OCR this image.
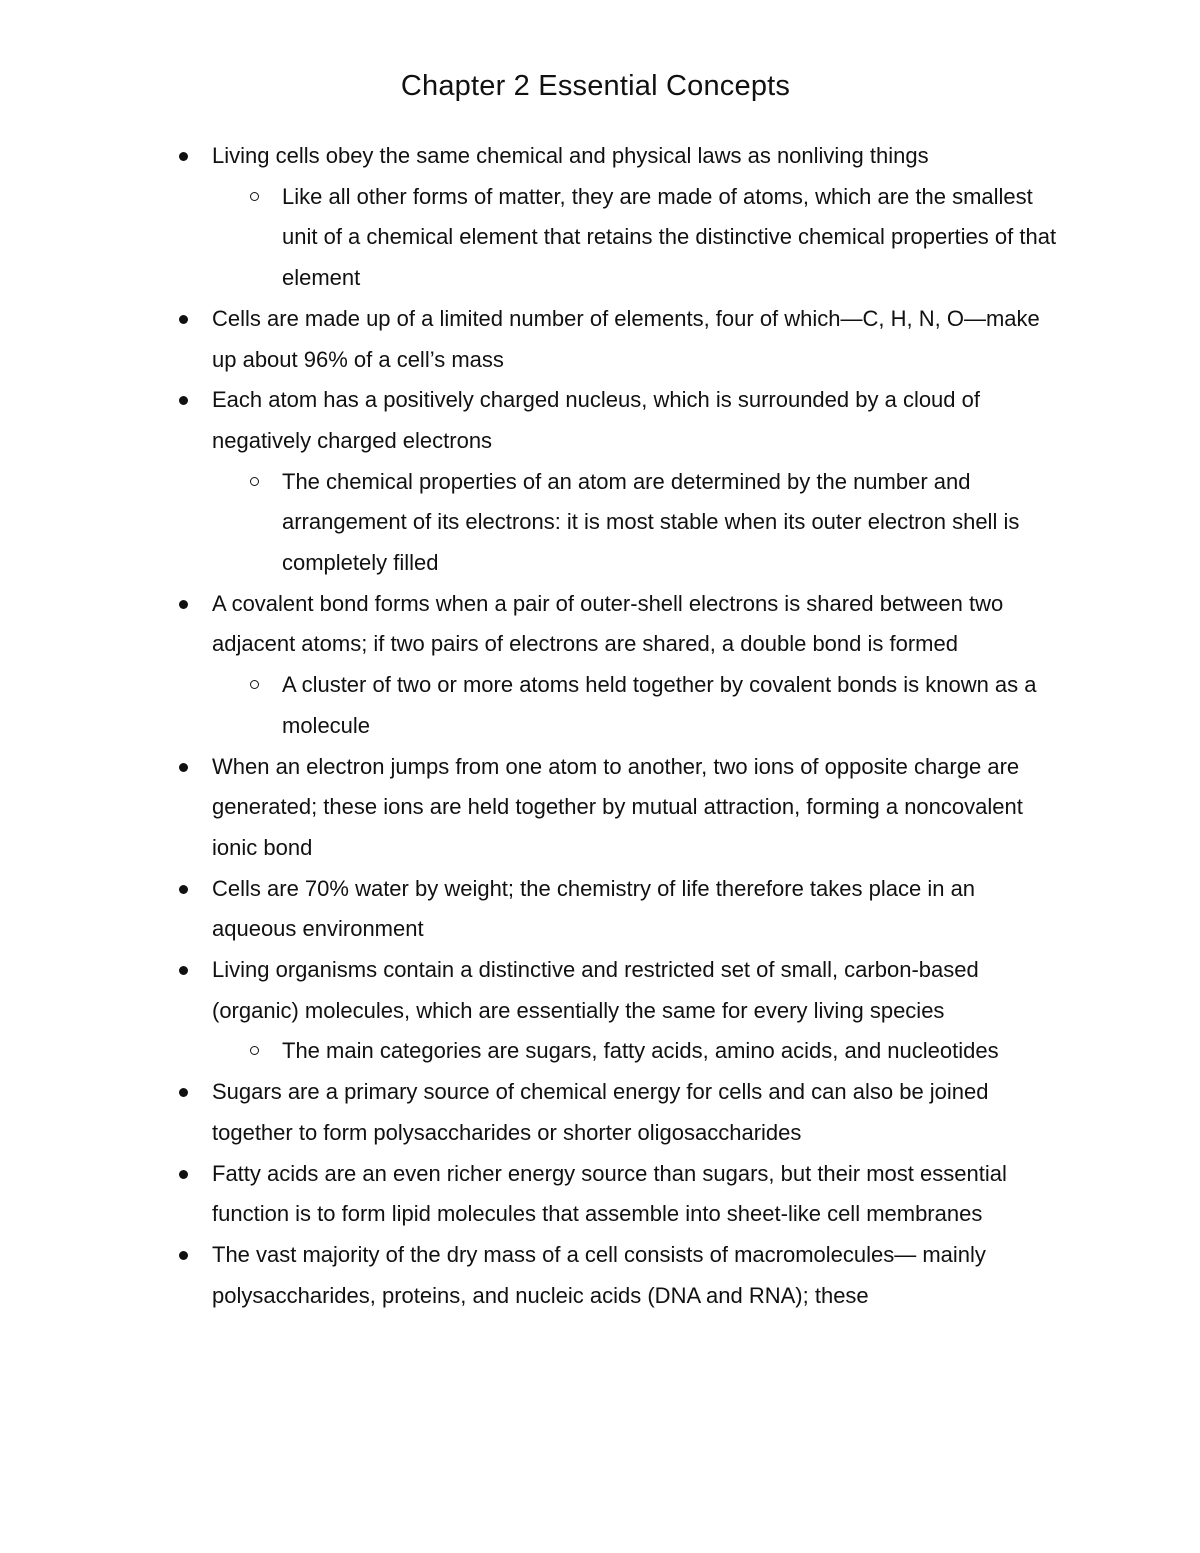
Chapter 2 Essential Concepts
Living cells obey the same chemical and physical laws as nonliving things
Like all other forms of matter, they are made of atoms, which are the smallest unit of a chemical element that retains the distinctive chemical properties of that element
Cells are made up of a limited number of elements, four of which—C, H, N, O—make up about 96% of a cell’s mass
Each atom has a positively charged nucleus, which is surrounded by a cloud of negatively charged electrons
The chemical properties of an atom are determined by the number and arrangement of its electrons: it is most stable when its outer electron shell is completely filled
A covalent bond forms when a pair of outer-shell electrons is shared between two adjacent atoms; if two pairs of electrons are shared, a double bond is formed
A cluster of two or more atoms held together by covalent bonds is known as a molecule
When an electron jumps from one atom to another, two ions of opposite charge are generated; these ions are held together by mutual attraction, forming a noncovalent ionic bond
Cells are 70% water by weight; the chemistry of life therefore takes place in an aqueous environment
Living organisms contain a distinctive and restricted set of small, carbon-based (organic) molecules, which are essentially the same for every living species
The main categories are sugars, fatty acids, amino acids, and nucleotides
Sugars are a primary source of chemical energy for cells and can also be joined together to form polysaccharides or shorter oligosaccharides
Fatty acids are an even richer energy source than sugars, but their most essential function is to form lipid molecules that assemble into sheet-like cell membranes
The vast majority of the dry mass of a cell consists of macromolecules— mainly polysaccharides, proteins, and nucleic acids (DNA and RNA); these
